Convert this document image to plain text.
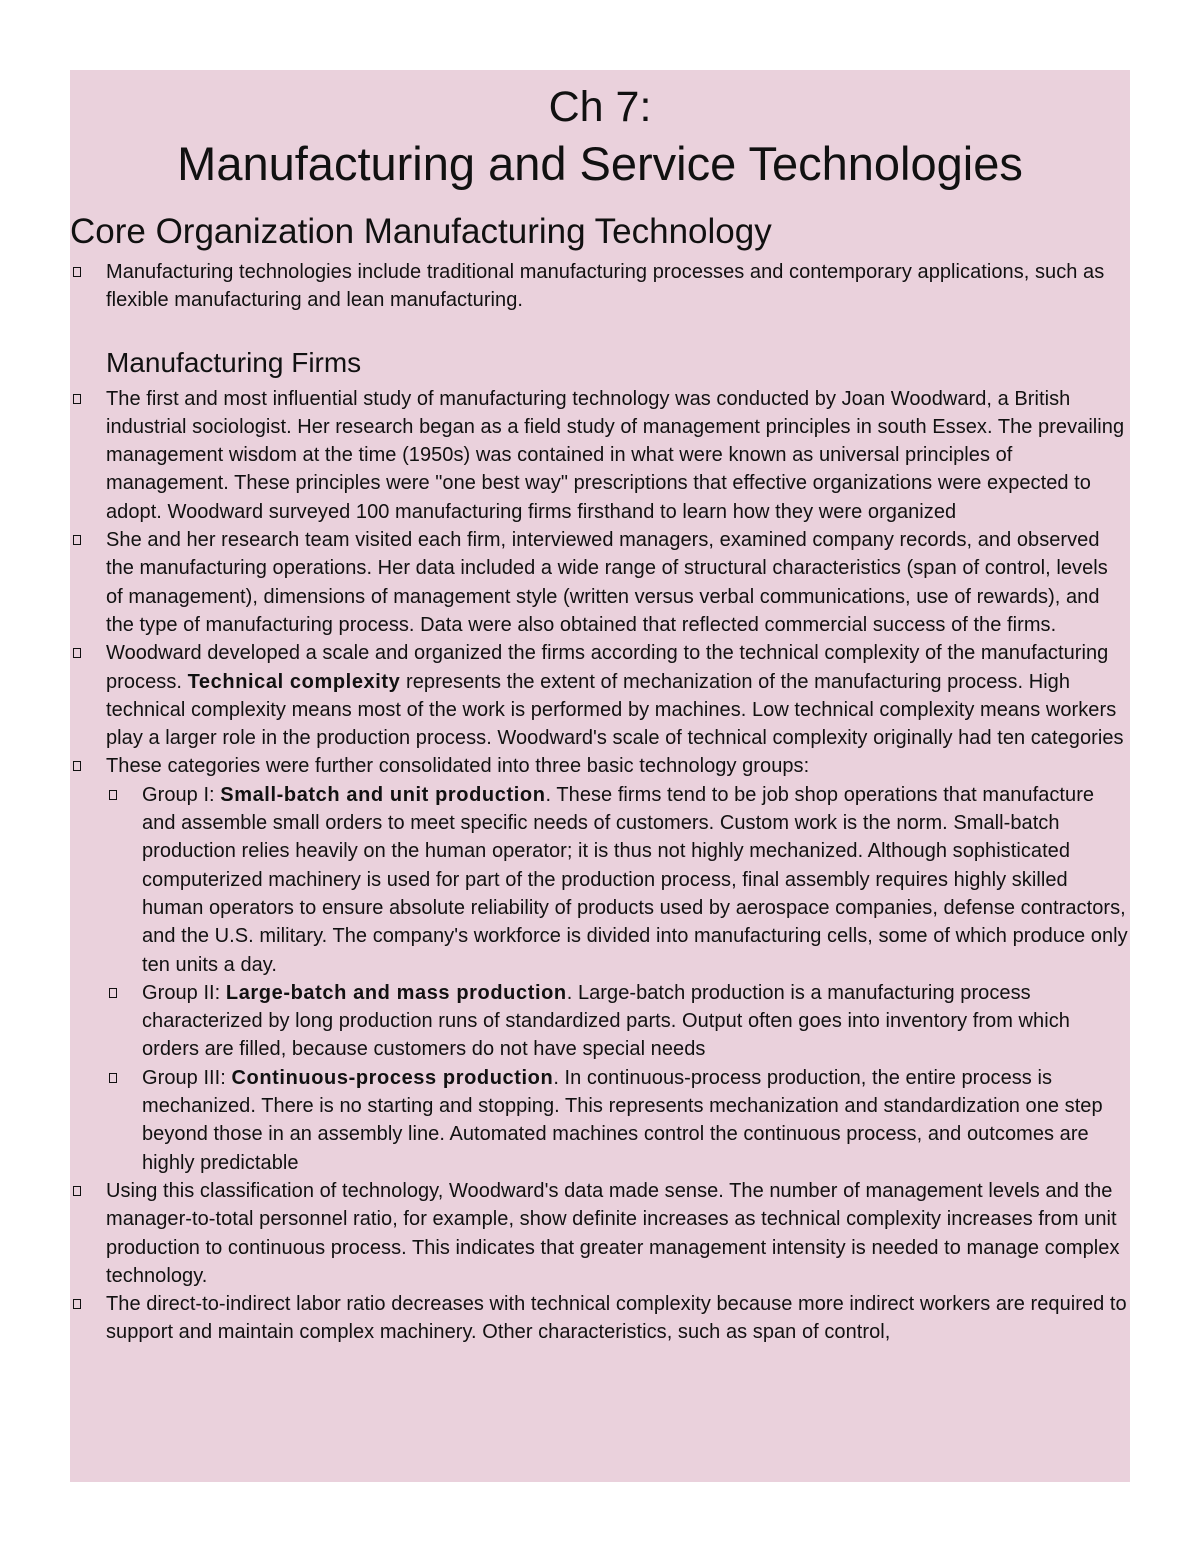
Ch 7:
Manufacturing and Service Technologies
Core Organization Manufacturing Technology
Manufacturing technologies include traditional manufacturing processes and contemporary applications, such as flexible manufacturing and lean manufacturing.
Manufacturing Firms
The first and most influential study of manufacturing technology was conducted by Joan Woodward, a British industrial sociologist. Her research began as a field study of management principles in south Essex. The prevailing management wisdom at the time (1950s) was contained in what were known as universal principles of management. These principles were "one best way" prescriptions that effective organizations were expected to adopt. Woodward surveyed 100 manufacturing firms firsthand to learn how they were organized
She and her research team visited each firm, interviewed managers, examined company records, and observed the manufacturing operations. Her data included a wide range of structural characteristics (span of control, levels of management), dimensions of management style (written versus verbal communications, use of rewards), and the type of manufacturing process. Data were also obtained that reflected commercial success of the firms.
Woodward developed a scale and organized the firms according to the technical complexity of the manufacturing process. Technical complexity represents the extent of mechanization of the manufacturing process. High technical complexity means most of the work is performed by machines. Low technical complexity means workers play a larger role in the production process. Woodward's scale of technical complexity originally had ten categories
These categories were further consolidated into three basic technology groups:
Group I: Small-batch and unit production. These firms tend to be job shop operations that manufacture and assemble small orders to meet specific needs of customers. Custom work is the norm. Small-batch production relies heavily on the human operator; it is thus not highly mechanized. Although sophisticated computerized machinery is used for part of the production process, final assembly requires highly skilled human operators to ensure absolute reliability of products used by aerospace companies, defense contractors, and the U.S. military. The company's workforce is divided into manufacturing cells, some of which produce only ten units a day.
Group II: Large-batch and mass production. Large-batch production is a manufacturing process characterized by long production runs of standardized parts. Output often goes into inventory from which orders are filled, because customers do not have special needs
Group III: Continuous-process production. In continuous-process production, the entire process is mechanized. There is no starting and stopping. This represents mechanization and standardization one step beyond those in an assembly line. Automated machines control the continuous process, and outcomes are highly predictable
Using this classification of technology, Woodward's data made sense. The number of management levels and the manager-to-total personnel ratio, for example, show definite increases as technical complexity increases from unit production to continuous process. This indicates that greater management intensity is needed to manage complex technology.
The direct-to-indirect labor ratio decreases with technical complexity because more indirect workers are required to support and maintain complex machinery. Other characteristics, such as span of control,
